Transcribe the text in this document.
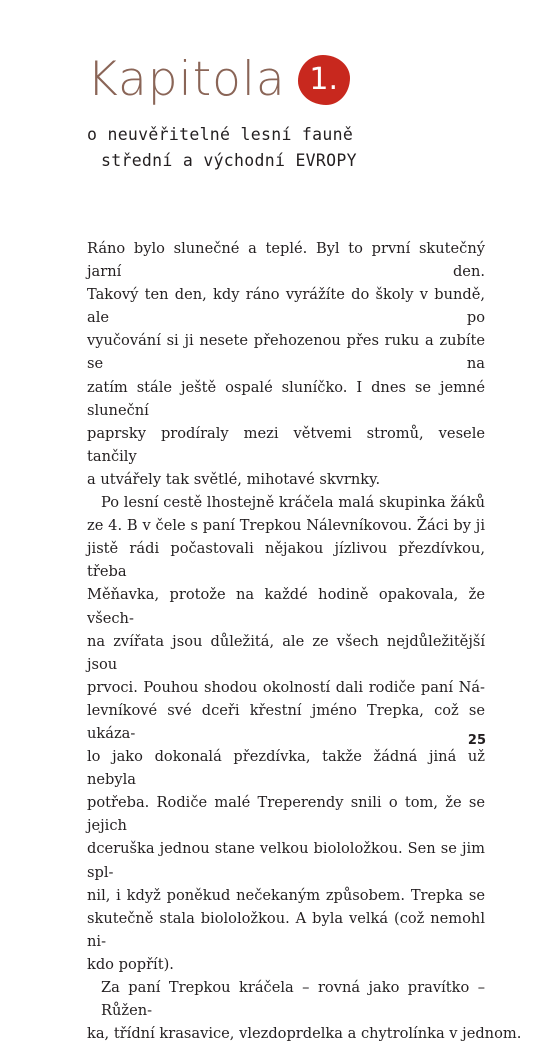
Kapitola 1.
o neuvěřitelné lesní fauně
střední a východní EVROPY
Ráno bylo slunečné a teplé. Byl to první skutečný jarní den.
Takový ten den, kdy ráno vyrážíte do školy v bundě, ale po
vyučování si ji nesete přehozenou přes ruku a zubíte se na
zatím stále ještě ospalé sluníčko. I dnes se jemné sluneční
paprsky prodíraly mezi větvemi stromů, vesele tančily
a utvářely tak světlé, mihotavé skvrnky.
Po lesní cestě lhostejně kráčela malá skupinka žáků
ze 4. B v čele s paní Trepkou Nálevníkovou. Žáci by ji
jistě rádi počastovali nějakou jízlivou přezdívkou, třeba
Měňavka, protože na každé hodině opakovala, že všech-
na zvířata jsou důležitá, ale ze všech nejdůležitější jsou
prvoci. Pouhou shodou okolností dali rodiče paní Ná-
levníkové své dceři křestní jméno Trepka, což se ukáza-
lo jako dokonalá přezdívka, takže žádná jiná už nebyla
potřeba. Rodiče malé Treperendy snili o tom, že se jejich
dceruška jednou stane velkou biololožkou. Sen se jim spl-
nil, i když poněkud nečekaným způsobem. Trepka se
skutečně stala biololožkou. A byla velká (což nemohl ni-
kdo popřít).
Za paní Trepkou kráčela – rovná jako pravítko – Růžen-
ka, třídní krasavice, vlezdoprdelka a chytrolínka v jednom.
25
